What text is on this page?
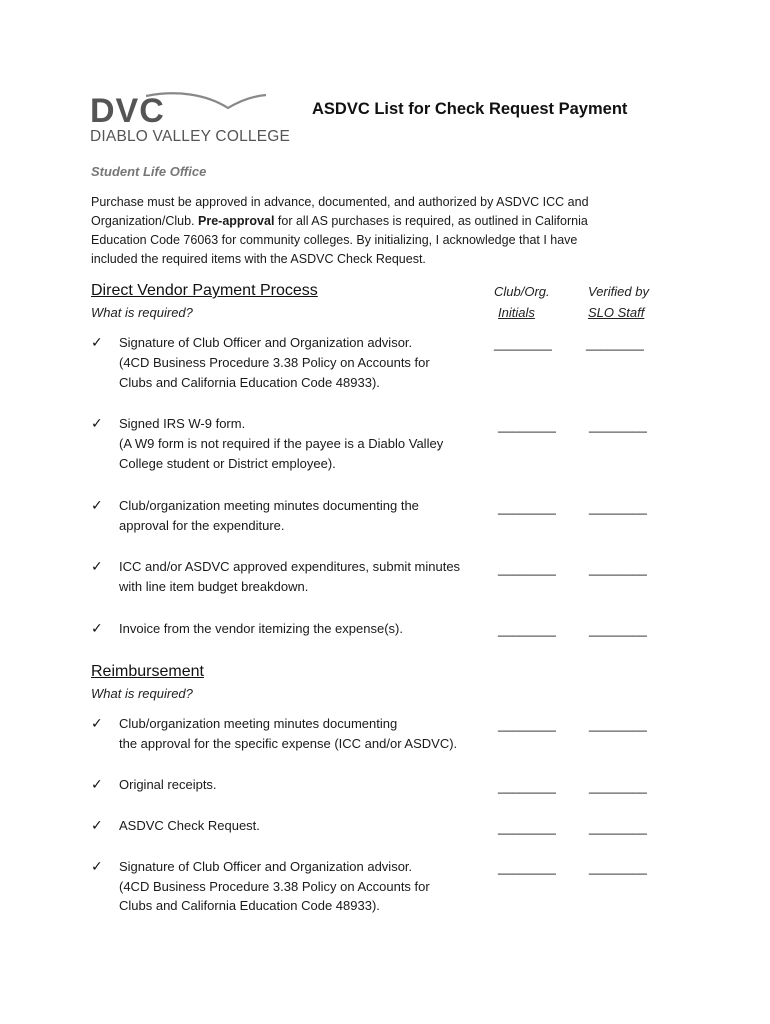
DVC
DIABLO VALLEY COLLEGE
ASDVC List for Check Request Payment
Student Life Office
Purchase must be approved in advance, documented, and authorized by ASDVC ICC and Organization/Club. Pre-approval for all AS purchases is required, as outlined in California Education Code 76063 for community colleges. By initializing, I acknowledge that I have included the required items with the ASDVC Check Request.
Direct Vendor Payment Process
What is required?
Club/Org.
Initials
Verified by
SLO Staff
✓ Signature of Club Officer and Organization advisor.
(4CD Business Procedure 3.38 Policy on Accounts for
Clubs and California Education Code 48933).
________	________
✓ Signed IRS W-9 form.
(A W9 form is not required if the payee is a Diablo Valley
College student or District employee).
________	________
✓ Club/organization meeting minutes documenting the
approval for the expenditure.
________	________
✓ ICC and/or ASDVC approved expenditures, submit minutes
with line item budget breakdown.
________	________
✓ Invoice from the vendor itemizing the expense(s).	________	________
Reimbursement
What is required?
✓ Club/organization meeting minutes documenting
the approval for the specific expense (ICC and/or ASDVC).
________	________
✓ Original receipts.	________	________
✓ ASDVC Check Request.	________	________
✓ Signature of Club Officer and Organization advisor.
(4CD Business Procedure 3.38 Policy on Accounts for
Clubs and California Education Code 48933).
________	________
